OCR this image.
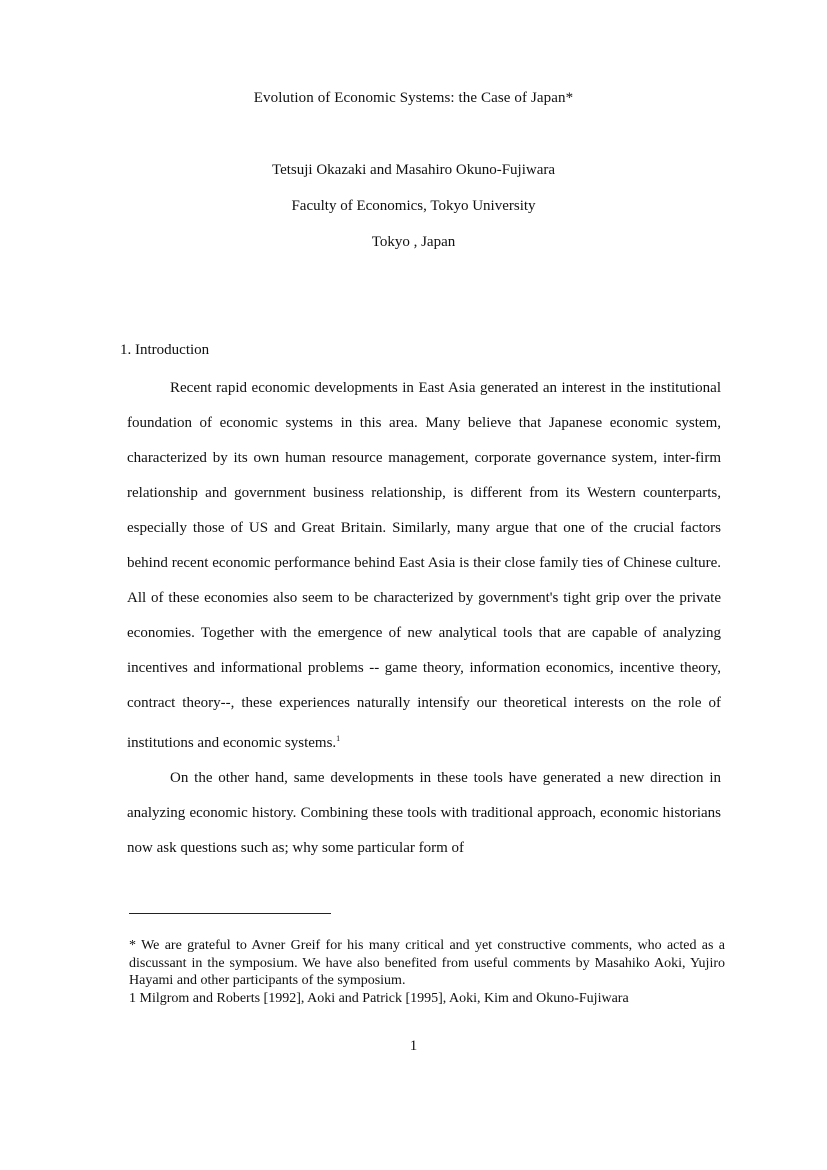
Evolution of Economic Systems: the Case of Japan*
Tetsuji Okazaki and Masahiro Okuno-Fujiwara
Faculty of Economics, Tokyo University
Tokyo , Japan
1. Introduction

Recent rapid economic developments in East Asia generated an interest in the institutional foundation of economic systems in this area. Many believe that Japanese economic system, characterized by its own human resource management, corporate governance system, inter-firm relationship and government business relationship, is different from its Western counterparts, especially those of US and Great Britain. Similarly, many argue that one of the crucial factors behind recent economic performance behind East Asia is their close family ties of Chinese culture. All of these economies also seem to be characterized by government's tight grip over the private economies. Together with the emergence of new analytical tools that are capable of analyzing incentives and informational problems -- game theory, information economics, incentive theory, contract theory--, these experiences naturally intensify our theoretical interests on the role of institutions and economic systems.$^1$

On the other hand, same developments in these tools have generated a new direction in analyzing economic history. Combining these tools with traditional approach, economic historians now ask questions such as; why some particular form of

* We are grateful to Avner Greif for his many critical and yet constructive comments, who acted as a discussant in the symposium. We have also benefited from useful comments by Masahiko Aoki, Yujiro Hayami and other participants of the symposium.

1 Milgrom and Roberts [1992], Aoki and Patrick [1995], Aoki, Kim and Okuno-Fujiwara

1
